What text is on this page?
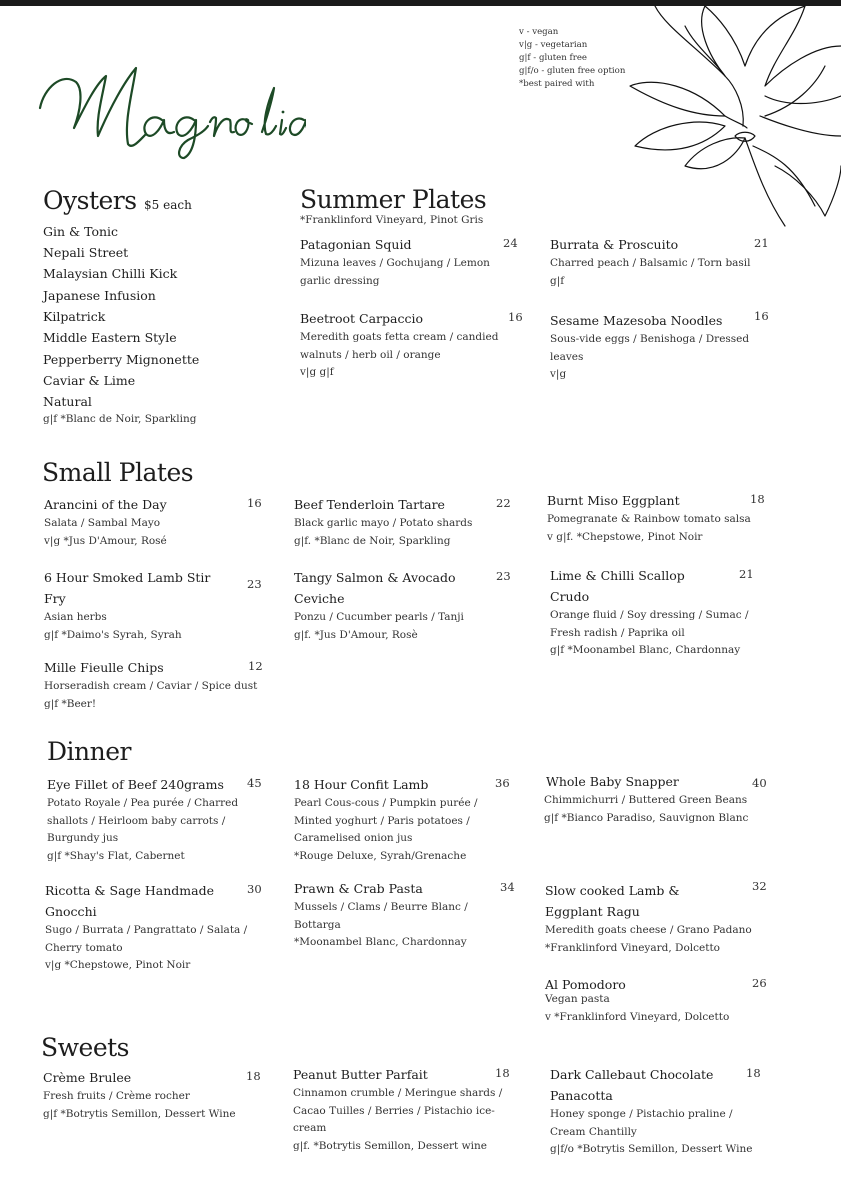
v - vegan
v|g - vegetarian
g|f - gluten free
g|f/o - gluten free option
*best paired with
Oysters $5 each
Gin & Tonic
Nepali Street
Malaysian Chilli Kick
Japanese Infusion
Kilpatrick
Middle Eastern Style
Pepperberry Mignonette
Caviar & Lime
Natural
g|f *Blanc de Noir, Sparkling
Summer Plates
*Franklinford Vineyard, Pinot Gris
Patagonian Squid	24
Mizuna leaves / Gochujang / Lemon
garlic dressing
Burrata & Proscuito	21
Charred peach / Balsamic / Torn basil
g|f
Beetroot Carpaccio	16
Meredith goats fetta cream / candied
walnuts / herb oil / orange
v|g g|f
Sesame Mazesoba Noodles	16
Sous-vide eggs / Benishoga / Dressed
leaves
v|g
Small Plates
Arancini of the Day	16
Salata / Sambal Mayo
v|g *Jus D'Amour, Rosé
Beef Tenderloin Tartare	22
Black garlic mayo / Potato shards
g|f. *Blanc de Noir, Sparkling
Burnt Miso Eggplant	18
Pomegranate & Rainbow tomato salsa
v g|f. *Chepstowe, Pinot Noir
6 Hour Smoked Lamb Stir
Fry
23
Asian herbs
g|f *Daimo's Syrah, Syrah
Tangy Salmon & Avocado
Ceviche
23
Ponzu / Cucumber pearls / Tanji
g|f. *Jus D'Amour, Rosè
Lime & Chilli Scallop
Crudo
21
Orange fluid / Soy dressing / Sumac /
Fresh radish / Paprika oil
g|f *Moonambel Blanc, Chardonnay
Mille Fieulle Chips	12
Horseradish cream / Caviar / Spice dust
g|f *Beer!
Dinner
Eye Fillet of Beef 240grams	45
Potato Royale / Pea purée / Charred
shallots / Heirloom baby carrots /
Burgundy jus
g|f *Shay's Flat, Cabernet
18 Hour Confit Lamb	36
Pearl Cous-cous / Pumpkin purée /
Minted yoghurt / Paris potatoes /
Caramelised onion jus
*Rouge Deluxe, Syrah/Grenache
Whole Baby Snapper	40
Chimmichurri / Buttered Green Beans
g|f *Bianco Paradiso, Sauvignon Blanc
Ricotta & Sage Handmade
Gnocchi
30
Sugo / Burrata / Pangrattato / Salata /
Cherry tomato
v|g *Chepstowe, Pinot Noir
Prawn & Crab Pasta	34
Mussels / Clams / Beurre Blanc /
Bottarga
*Moonambel Blanc, Chardonnay
Slow cooked Lamb &
Eggplant Ragu
32
Meredith goats cheese / Grano Padano
*Franklinford Vineyard, Dolcetto
Al Pomodoro	26
Vegan pasta
v *Franklinford Vineyard, Dolcetto
Sweets
Crème Brulee	18
Fresh fruits / Crème rocher
g|f *Botrytis Semillon, Dessert Wine
Peanut Butter Parfait	18
Cinnamon crumble / Meringue shards /
Cacao Tuilles / Berries / Pistachio ice-
cream
g|f. *Botrytis Semillon, Dessert wine
Dark Callebaut Chocolate
Panacotta
18
Honey sponge / Pistachio praline /
Cream Chantilly
g|f/o *Botrytis Semillon, Dessert Wine
